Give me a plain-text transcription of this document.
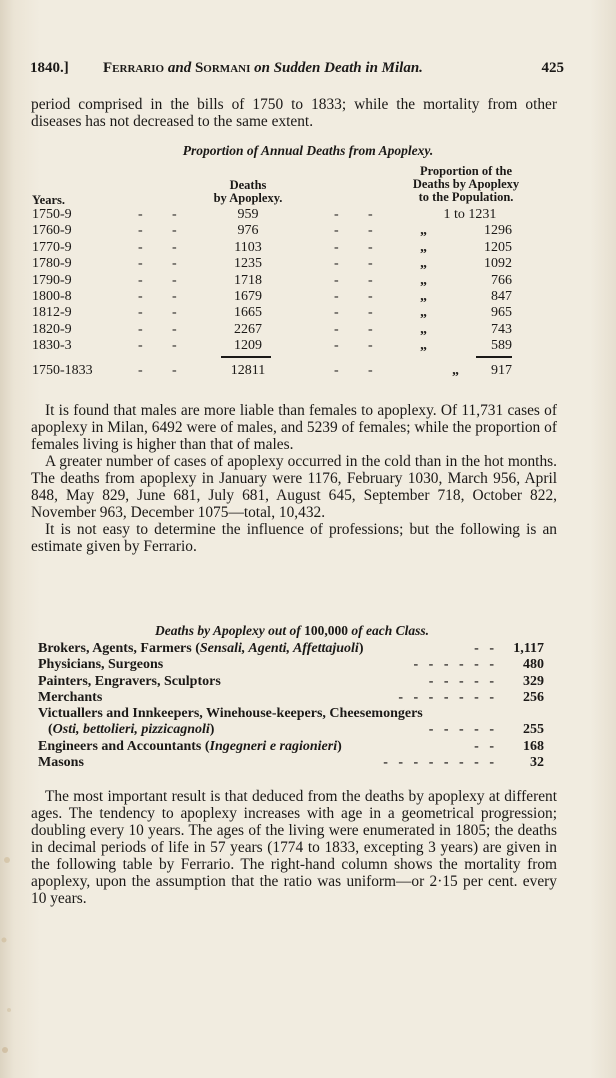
1840.] Ferrario and Sormani on Sudden Death in Milan.	425

period comprised in the bills of 1750 to 1833; while the mortality from other diseases has not decreased to the same extent.

Proportion of Annual Deaths from Apoplexy.
Years.
Deaths
by Apoplexy.
Proportion of the
Deaths by Apoplexy
to the Population.
1750-9	- -	959	- -	1 to 1231
1760-9	- -	976	- -	„	1296
1770-9	- -	1103	- -	„	1205
1780-9	- -	1235	- -	„	1092
1790-9	- -	1718	- -	„	766
1800-8	- -	1679	- -	„	847
1812-9	- -	1665	- -	„	965
1820-9	- -	2267	- -	„	743
1830-3	- -	1209	- -	„	589
1750-1833	- -	12811	- -	„	917

It is found that males are more liable than females to apoplexy. Of 11,731 cases of apoplexy in Milan, 6492 were of males, and 5239 of females; while the proportion of females living is higher than that of males.

A greater number of cases of apoplexy occurred in the cold than in the hot months. The deaths from apoplexy in January were 1176, February 1030, March 956, April 848, May 829, June 681, July 681, August 645, September 718, October 822, November 963, December 1075—total, 10,432.

It is not easy to determine the influence of professions; but the following is an estimate given by Ferrario.

Deaths by Apoplexy out of 100,000 of each Class.
Brokers, Agents, Farmers (Sensali, Agenti, Affettajuoli)	-   -	1,117
Physicians, Surgeons	-   -   -   -   -   -	480
Painters, Engravers, Sculptors	-   -   -   -   -	329
Merchants	-   -   -   -   -   -   -	256
Victuallers and Innkeepers, Winehouse-keepers, Cheesemongers
(Osti, bettolieri, pizzicagnoli)	-   -   -   -   -	255
Engineers and Accountants (Ingegneri e ragionieri)	-   -	168
Masons	-   -   -   -   -   -   -   -	32

The most important result is that deduced from the deaths by apoplexy at different ages. The tendency to apoplexy increases with age in a geometrical progression; doubling every 10 years. The ages of the living were enumerated in 1805; the deaths in decimal periods of life in 57 years (1774 to 1833, excepting 3 years) are given in the following table by Ferrario. The right-hand column shows the mortality from apoplexy, upon the assumption that the ratio was uniform—or 2·15 per cent. every 10 years.
